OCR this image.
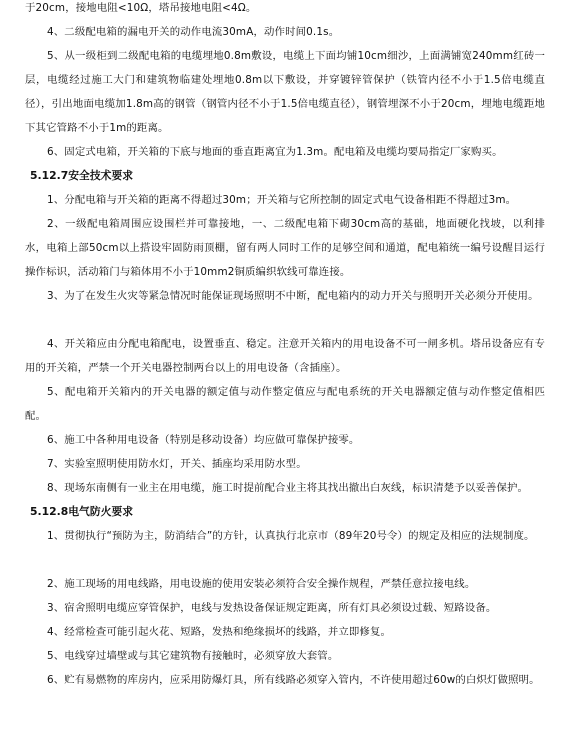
于20cm，接地电阻<10Ω，塔吊接地电阻<4Ω。

4、二级配电箱的漏电开关的动作电流30mA，动作时间0.1s。

5、从一级柜到二级配电箱的电缆埋地0.8m敷设，电缆上下面均铺10cm细沙，上面满铺宽240mm红砖一层，电缆经过施工大门和建筑物临建处埋地0.8m以下敷设，并穿镀锌管保护（铁管内径不小于1.5倍电缆直径），引出地面电缆加1.8m高的钢管（钢管内径不小于1.5倍电缆直径），钢管埋深不小于20cm，埋地电缆距地下其它管路不小于1m的距离。

6、固定式电箱，开关箱的下底与地面的垂直距离宜为1.3m。配电箱及电缆均要局指定厂家购买。

5.12.7安全技术要求

1、分配电箱与开关箱的距离不得超过30m；开关箱与它所控制的固定式电气设备相距不得超过3m。

2、一级配电箱周围应设围栏并可靠接地，一、二级配电箱下砌30cm高的基础，地面硬化找坡，以利排水，电箱上部50cm以上搭设牢固防雨顶棚，留有两人同时工作的足够空间和通道，配电箱统一编号设醒目运行操作标识，活动箱门与箱体用不小于10mm2铜质编织软线可靠连接。

3、为了在发生火灾等紧急情况时能保证现场照明不中断，配电箱内的动力开关与照明开关必须分开使用。

4、开关箱应由分配电箱配电，设置垂直、稳定。注意开关箱内的用电设备不可一闸多机。塔吊设备应有专用的开关箱，严禁一个开关电器控制两台以上的用电设备（含插座）。

5、配电箱开关箱内的开关电器的额定值与动作整定值应与配电系统的开关电器额定值与动作整定值相匹配。

6、施工中各种用电设备（特别是移动设备）均应做可靠保护接零。

7、实验室照明使用防水灯，开关、插座均采用防水型。

8、现场东南侧有一业主在用电缆，施工时提前配合业主将其找出撤出白灰线，标识清楚予以妥善保护。

5.12.8电气防火要求

1、贯彻执行“预防为主，防消结合”的方针，认真执行北京市（89年20号令）的规定及相应的法规制度。

2、施工现场的用电线路，用电设施的使用安装必须符合安全操作规程，严禁任意拉接电线。

3、宿舍照明电缆应穿管保护，电线与发热设备保证规定距离，所有灯具必须设过载、短路设备。

4、经常检查可能引起火花、短路，发热和绝缘损坏的线路，并立即修复。

5、电线穿过墙壁或与其它建筑物有接触时，必须穿放大套管。

6、贮有易燃物的库房内，应采用防爆灯具，所有线路必须穿入管内，不许使用超过60w的白炽灯做照明。
